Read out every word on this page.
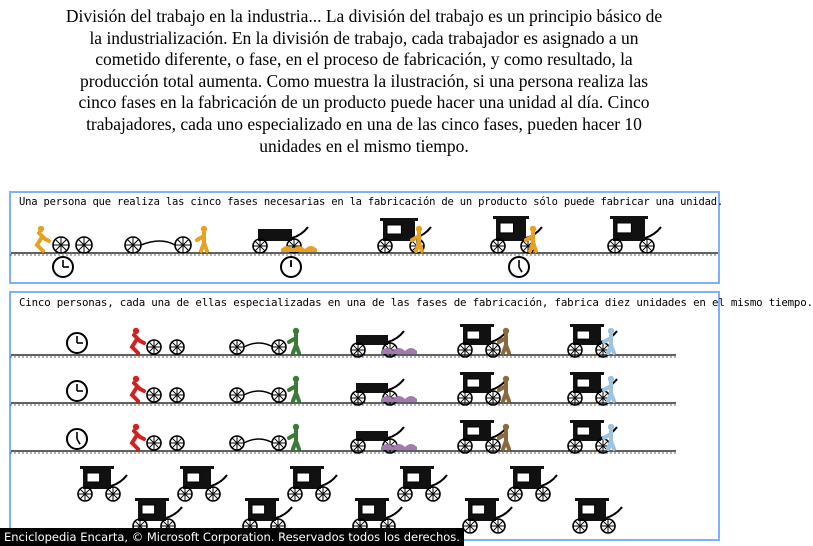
División del trabajo en la industria... La división del trabajo es un principio básico de la industrialización. En la división de trabajo, cada trabajador es asignado a un cometido diferente, o fase, en el proceso de fabricación, y como resultado, la producción total aumenta. Como muestra la ilustración, si una persona realiza las cinco fases en la fabricación de un producto puede hacer una unidad al día. Cinco trabajadores, cada uno especializado en una de las cinco fases, pueden hacer 10 unidades en el mismo tiempo.

Una persona que realiza las cinco fases necesarias en la fabricación de un producto sólo puede fabricar una unidad.

Cinco personas, cada una de ellas especializadas en una de las fases de fabricación, fabrica diez unidades en el mismo tiempo.

Enciclopedia Encarta, © Microsoft Corporation. Reservados todos los derechos.
